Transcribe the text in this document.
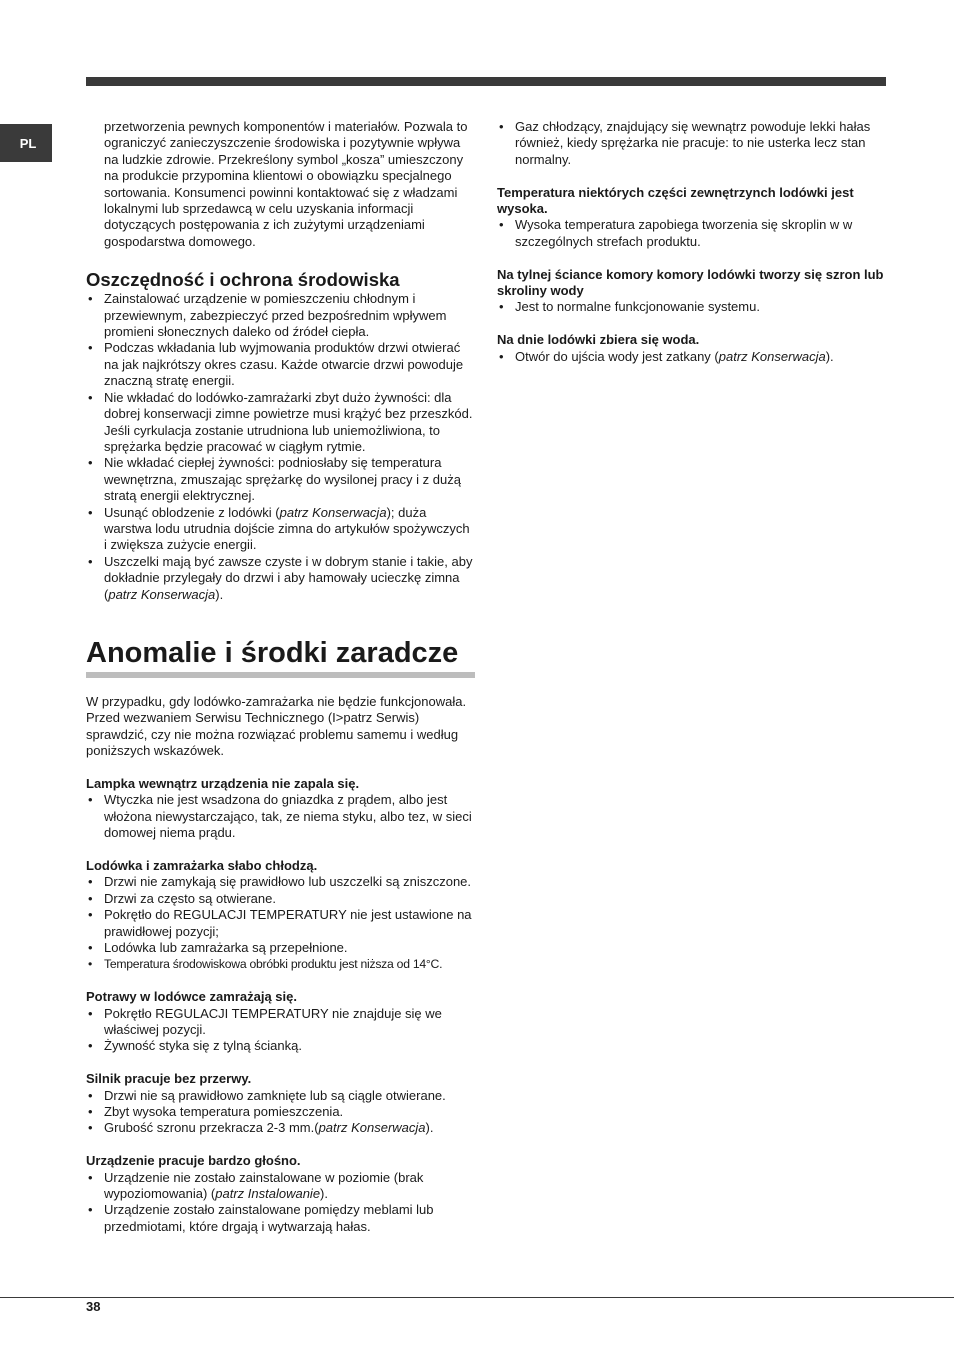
PL

przetworzenia pewnych komponentów i materiałów. Pozwala to ograniczyć zanieczyszczenie środowiska i pozytywnie wpływa na ludzkie zdrowie. Przekreślony symbol „kosza” umieszczony na produkcie przypomina klientowi o obowiązku specjalnego sortowania. Konsumenci powinni kontaktować się z władzami lokalnymi lub sprzedawcą w celu uzyskania informacji dotyczących postępowania z ich zużytymi urządzeniami gospodarstwa domowego.

Oszczędność i ochrona środowiska
• Zainstalować urządzenie w pomieszczeniu chłodnym i przewiewnym, zabezpieczyć przed bezpośrednim wpływem promieni słonecznych daleko od źródeł ciepła.
• Podczas wkładania lub wyjmowania produktów drzwi otwierać na jak najkrótszy okres czasu. Każde otwarcie drzwi powoduje znaczną stratę energii.
• Nie wkładać do lodówko-zamrażarki zbyt dużo żywności: dla dobrej konserwacji zimne powietrze musi krążyć bez przeszkód. Jeśli cyrkulacja zostanie utrudniona lub uniemożliwiona, to sprężarka będzie pracować w ciągłym rytmie.
• Nie wkładać ciepłej żywności: podniosłaby się temperatura wewnętrzna, zmuszając sprężarkę do wysilonej pracy i z dużą stratą energii elektrycznej.
• Usunąć oblodzenie z lodówki (patrz Konserwacja); duża warstwa lodu utrudnia dojście zimna do artykułów spożywczych i zwiększa zużycie energii.
• Uszczelki mają być zawsze czyste i w dobrym stanie i takie, aby dokładnie przylegały do drzwi i aby hamowały ucieczkę zimna (patrz Konserwacja).
Anomalie i środki zaradcze

W przypadku, gdy lodówko-zamrażarka nie będzie funkcjonowała. Przed wezwaniem Serwisu Technicznego (I>patrz Serwis) sprawdzić, czy nie można rozwiązać problemu samemu i według poniższych wskazówek.

Lampka wewnątrz urządzenia nie zapala się.

• Wtyczka nie jest wsadzona do gniazdka z prądem, albo jest włożona niewystarczająco, tak, ze niema styku, albo tez, w sieci domowej niema prądu.

Lodówka i zamrażarka słabo chłodzą.

• Drzwi nie zamykają się prawidłowo lub uszczelki są zniszczone.
• Drzwi za często są otwierane.
• Pokrętło do REGULACJI TEMPERATURY nie jest ustawione na prawidłowej pozycji;
• Lodówka lub zamrażarka są przepełnione.
• Temperatura środowiskowa obróbki produktu jest niższa od 14°C.

Potrawy w lodówce zamrażają się.

• Pokrętło REGULACJI TEMPERATURY nie znajduje się we właściwej pozycji.
• Żywność styka się z tylną ścianką.

Silnik pracuje bez przerwy.

• Drzwi nie są prawidłowo zamknięte lub są ciągle otwierane.
• Zbyt wysoka temperatura pomieszczenia.
• Grubość szronu przekracza 2-3 mm.(patrz Konserwacja).

Urządzenie pracuje bardzo głośno.

• Urządzenie nie zostało zainstalowane w poziomie (brak wypoziomowania) (patrz Instalowanie).
• Urządzenie zostało zainstalowane pomiędzy meblami lub przedmiotami, które drgają i wytwarzają hałas.
• Gaz chłodzący, znajdujący się wewnątrz powoduje lekki hałas również, kiedy sprężarka nie pracuje: to nie usterka lecz stan normalny.

Temperatura niektórych części zewnętrzynch lodówki jest wysoka.

• Wysoka temperatura zapobiega tworzenia się skroplin w w szczególnych strefach produktu.

Na tylnej ściance komory komory lodówki tworzy się szron lub skroliny wody

• Jest to normalne funkcjonowanie systemu.

Na dnie lodówki zbiera się woda.

• Otwór do ujścia wody jest zatkany (patrz Konserwacja).
38
